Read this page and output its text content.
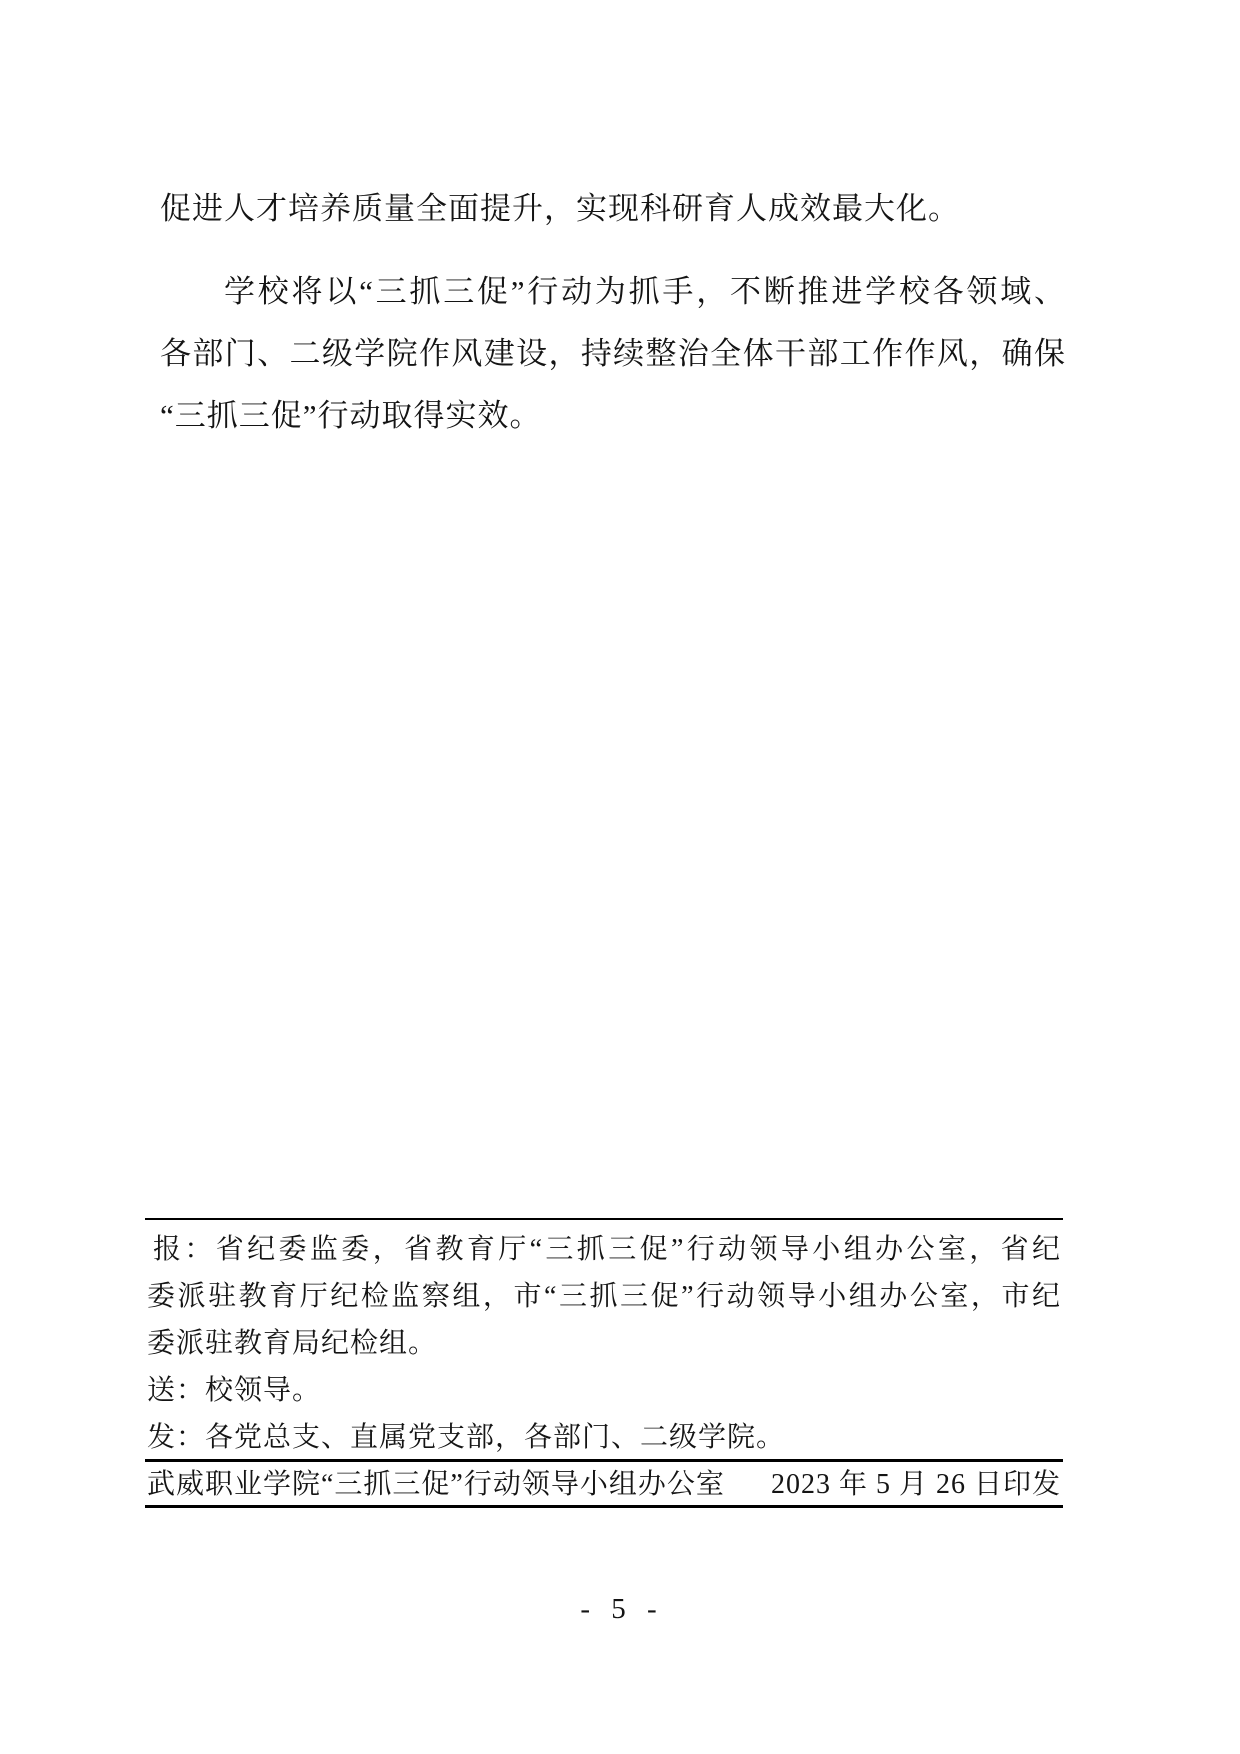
促进人才培养质量全面提升，实现科研育人成效最大化。
学校将以“三抓三促”行动为抓手，不断推进学校各领域、
各部门、二级学院作风建设，持续整治全体干部工作作风，确保
“三抓三促”行动取得实效。
报：省纪委监委，省教育厅“三抓三促”行动领导小组办公室，省纪
委派驻教育厅纪检监察组，市“三抓三促”行动领导小组办公室，市纪
委派驻教育局纪检组。
送：校领导。
发：各党总支、直属党支部，各部门、二级学院。
武威职业学院“三抓三促”行动领导小组办公室 2023 年 5 月 26 日印发
- 5 -
